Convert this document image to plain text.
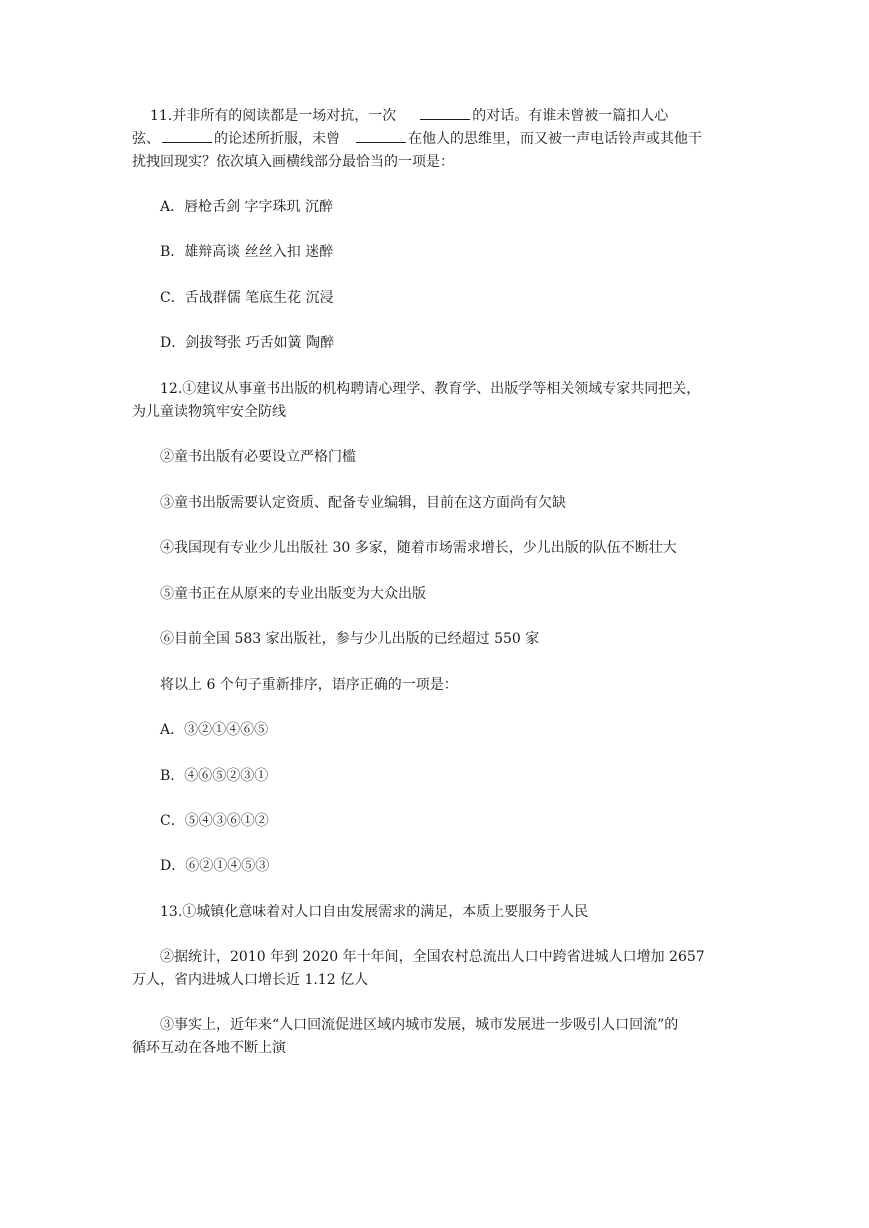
11.并非所有的阅读都是一场对抗，一次	的对话。有谁未曾被一篇扣人心
弦、	的论述所折服，未曾	在他人的思维里，而又被一声电话铃声或其他干
扰拽回现实？依次填入画横线部分最恰当的一项是：
A．唇枪舌剑 字字珠玑 沉醉
B．雄辩高谈 丝丝入扣 迷醉
C．舌战群儒 笔底生花 沉浸
D．剑拔弩张 巧舌如簧 陶醉
12.①建议从事童书出版的机构聘请心理学、教育学、出版学等相关领域专家共同把关，
为儿童读物筑牢安全防线
②童书出版有必要设立严格门槛
③童书出版需要认定资质、配备专业编辑，目前在这方面尚有欠缺
④我国现有专业少儿出版社 30 多家，随着市场需求增长，少儿出版的队伍不断壮大
⑤童书正在从原来的专业出版变为大众出版
⑥目前全国 583 家出版社，参与少儿出版的已经超过 550 家
将以上 6 个句子重新排序，语序正确的一项是：
A．③②①④⑥⑤
B．④⑥⑤②③①
C．⑤④③⑥①②
D．⑥②①④⑤③
13.①城镇化意味着对人口自由发展需求的满足，本质上要服务于人民
②据统计，2010 年到 2020 年十年间，全国农村总流出人口中跨省进城人口增加 2657
万人，省内进城人口增长近 1.12 亿人
③事实上，近年来“人口回流促进区域内城市发展，城市发展进一步吸引人口回流”的
循环互动在各地不断上演
